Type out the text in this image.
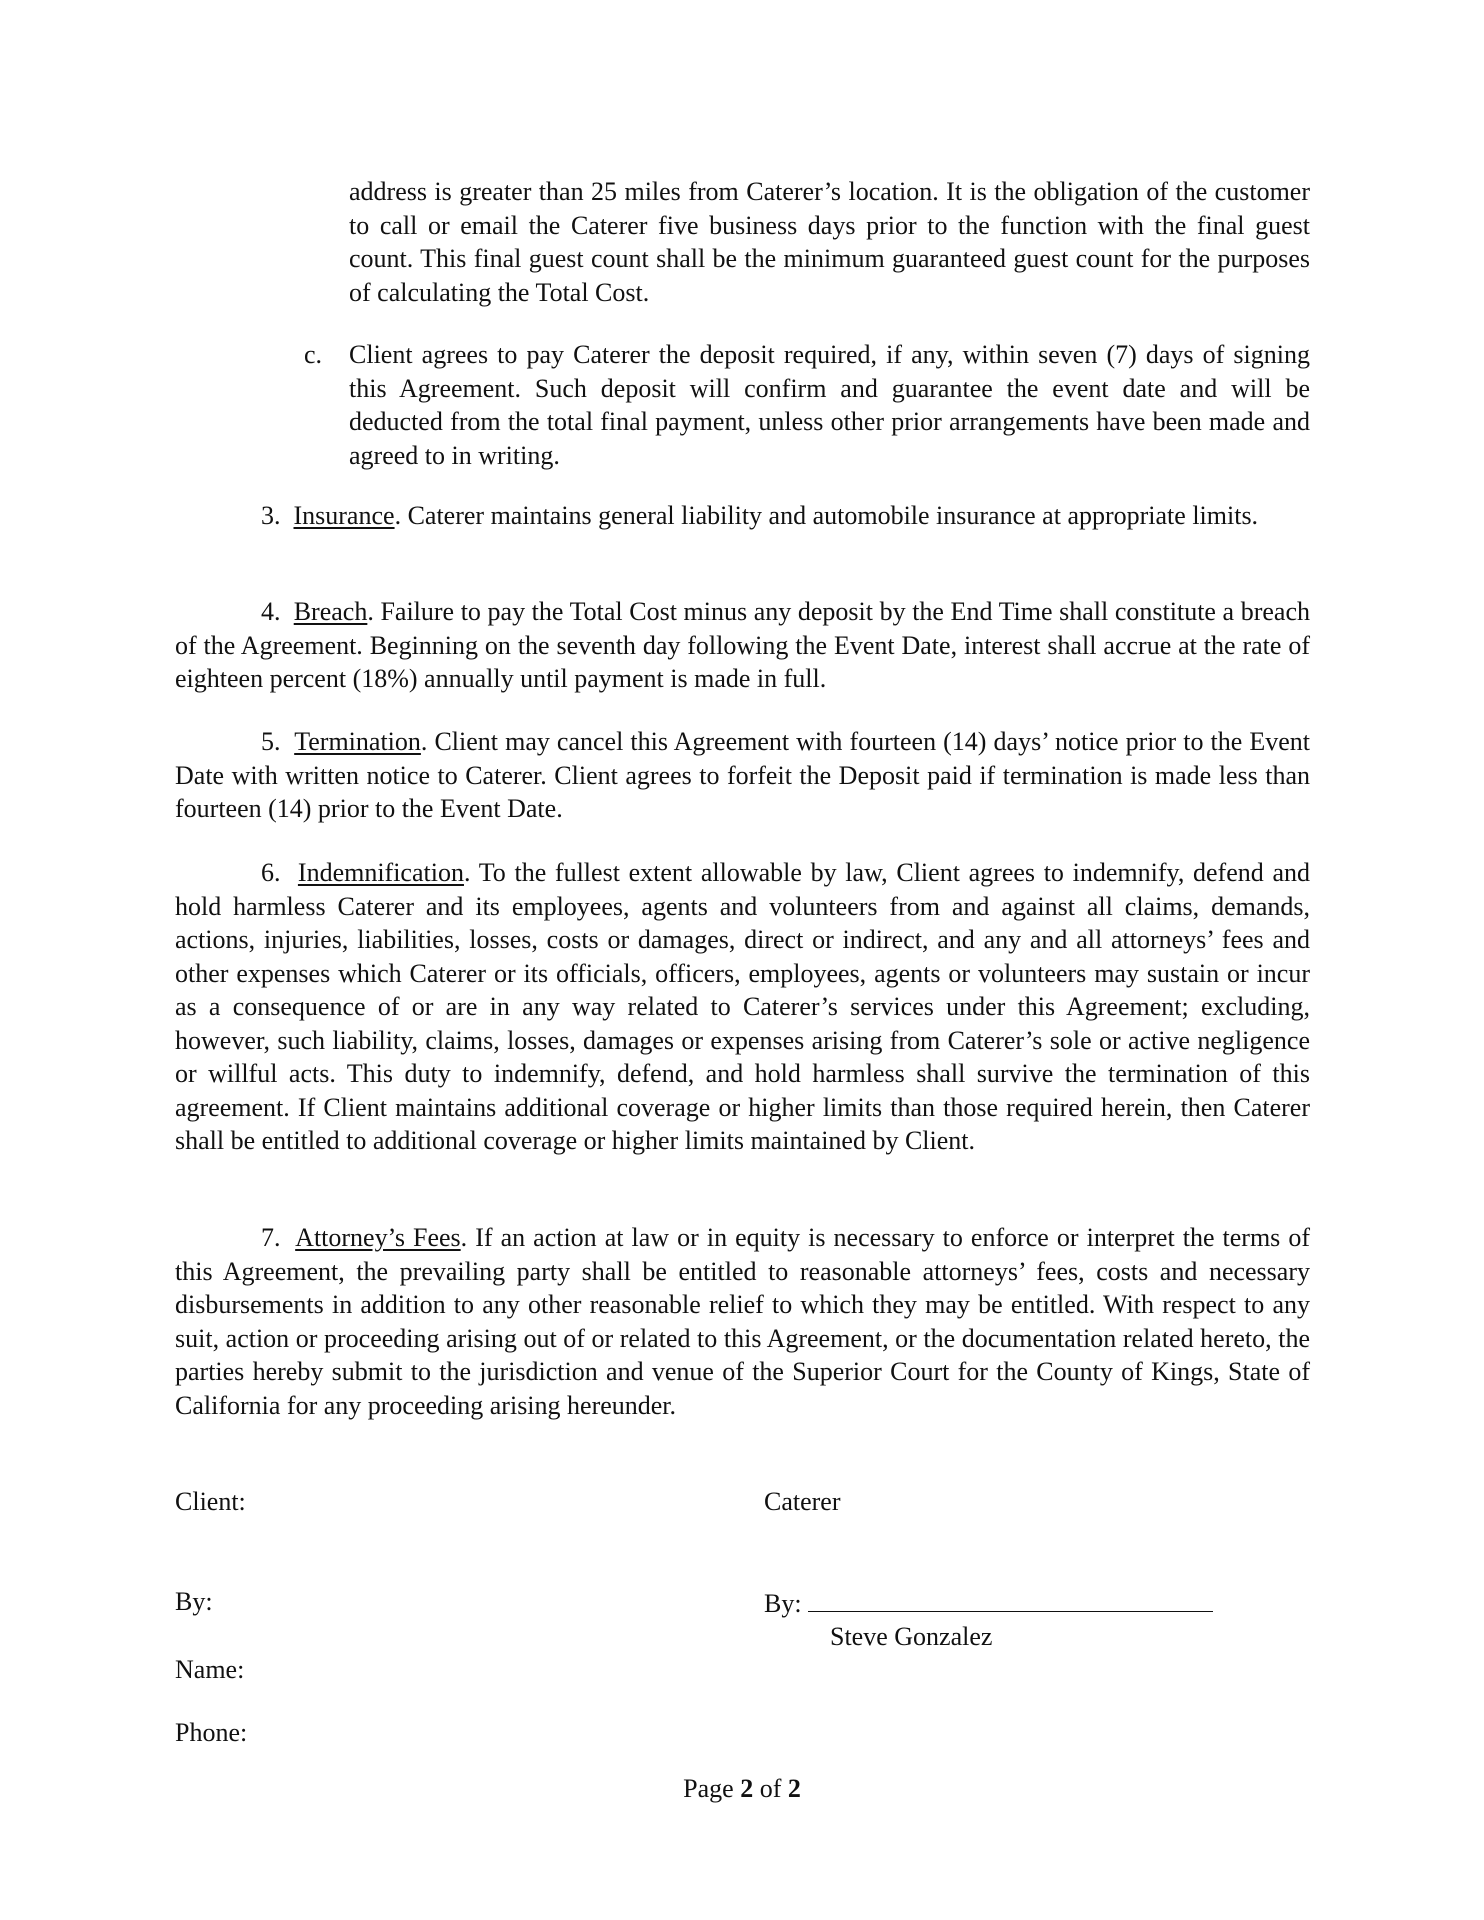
address is greater than 25 miles from Caterer’s location. It is the obligation of the customer to call or email the Caterer five business days prior to the function with the final guest count. This final guest count shall be the minimum guaranteed guest count for the purposes of calculating the Total Cost.

c. Client agrees to pay Caterer the deposit required, if any, within seven (7) days of signing this Agreement. Such deposit will confirm and guarantee the event date and will be deducted from the total final payment, unless other prior arrangements have been made and agreed to in writing.

3. Insurance. Caterer maintains general liability and automobile insurance at appropriate limits.

4. Breach. Failure to pay the Total Cost minus any deposit by the End Time shall constitute a breach of the Agreement. Beginning on the seventh day following the Event Date, interest shall accrue at the rate of eighteen percent (18%) annually until payment is made in full.

5. Termination. Client may cancel this Agreement with fourteen (14) days’ notice prior to the Event Date with written notice to Caterer. Client agrees to forfeit the Deposit paid if termination is made less than fourteen (14) prior to the Event Date.

6. Indemnification. To the fullest extent allowable by law, Client agrees to indemnify, defend and hold harmless Caterer and its employees, agents and volunteers from and against all claims, demands, actions, injuries, liabilities, losses, costs or damages, direct or indirect, and any and all attorneys’ fees and other expenses which Caterer or its officials, officers, employees, agents or volunteers may sustain or incur as a consequence of or are in any way related to Caterer’s services under this Agreement; excluding, however, such liability, claims, losses, damages or expenses arising from Caterer’s sole or active negligence or willful acts. This duty to indemnify, defend, and hold harmless shall survive the termination of this agreement. If Client maintains additional coverage or higher limits than those required herein, then Caterer shall be entitled to additional coverage or higher limits maintained by Client.

7. Attorney’s Fees. If an action at law or in equity is necessary to enforce or interpret the terms of this Agreement, the prevailing party shall be entitled to reasonable attorneys’ fees, costs and necessary disbursements in addition to any other reasonable relief to which they may be entitled. With respect to any suit, action or proceeding arising out of or related to this Agreement, or the documentation related hereto, the parties hereby submit to the jurisdiction and venue of the Superior Court for the County of Kings, State of California for any proceeding arising hereunder.

Client:	Caterer
By:	By:
Steve Gonzalez
Name:
Phone:
Page 2 of 2
